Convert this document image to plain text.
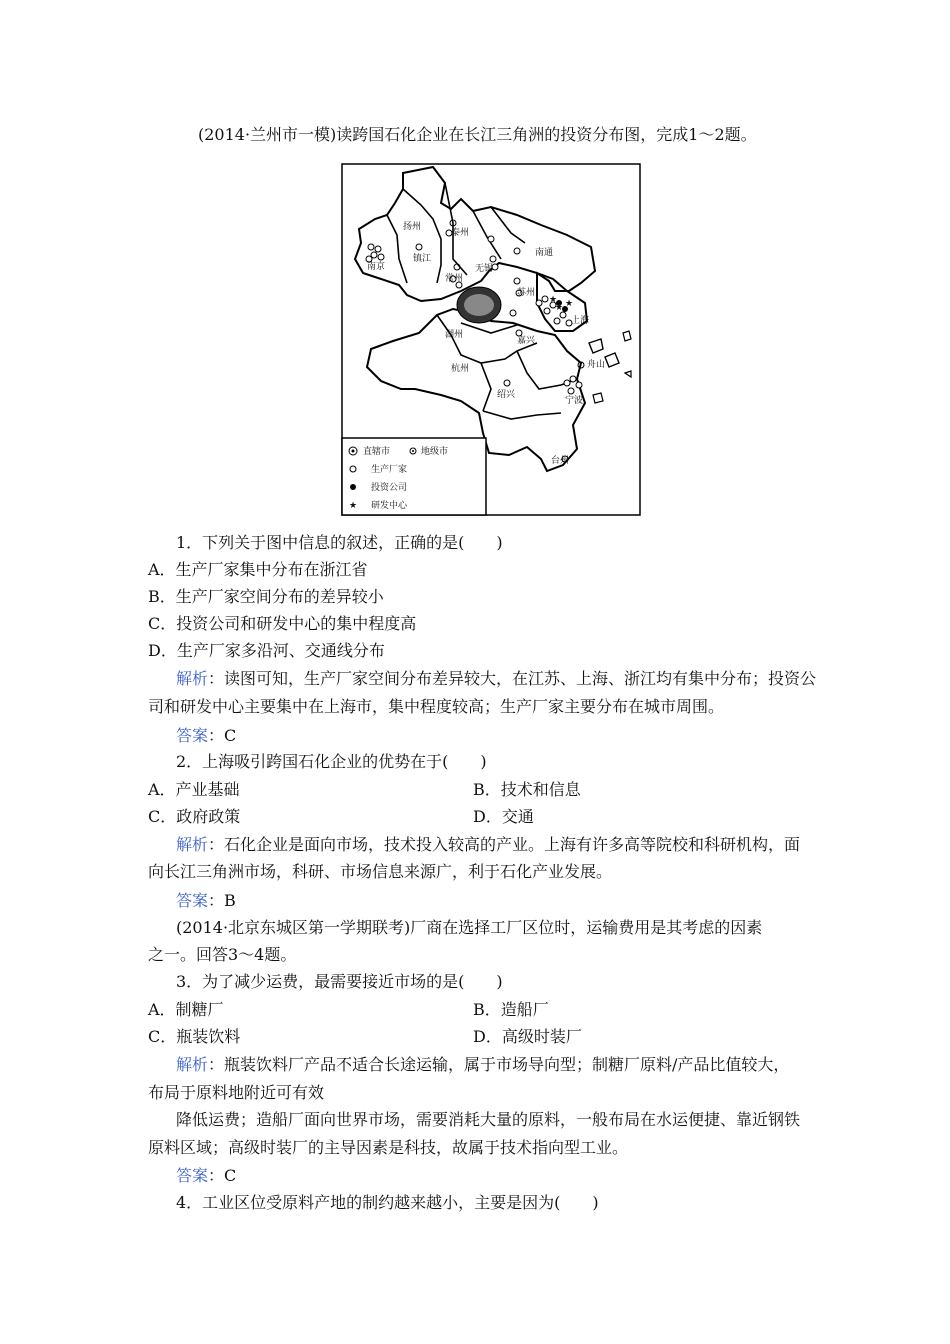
(2014·兰州市一模)读跨国石化企业在长江三角洲的投资分布图，完成1～2题。
★
★ ★
扬州
泰州
南通
南京
镇江
常州
无锡
苏州
上海
湖州
嘉兴
杭州
绍兴
舟山
宁波
台州
直辖市	地级市
生产厂家
投资公司
★ 研发中心
1．下列关于图中信息的叙述，正确的是(　　)
A．生产厂家集中分布在浙江省
B．生产厂家空间分布的差异较小
C．投资公司和研发中心的集中程度高
D．生产厂家多沿河、交通线分布
解析：读图可知，生产厂家空间分布差异较大，在江苏、上海、浙江均有集中分布；投资公
司和研发中心主要集中在上海市，集中程度较高；生产厂家主要分布在城市周围。
答案：C
2．上海吸引跨国石化企业的优势在于(　　)
A．产业基础	B．技术和信息
C．政府政策	D．交通
解析：石化企业是面向市场，技术投入较高的产业。上海有许多高等院校和科研机构，面
向长江三角洲市场，科研、市场信息来源广，利于石化产业发展。
答案：B
(2014·北京东城区第一学期联考)厂商在选择工厂区位时，运输费用是其考虑的因素
之一。回答3～4题。
3．为了减少运费，最需要接近市场的是(　　)
A．制糖厂	B．造船厂
C．瓶装饮料	D．高级时装厂
解析：瓶装饮料厂产品不适合长途运输，属于市场导向型；制糖厂原料/产品比值较大，
布局于原料地附近可有效
降低运费；造船厂面向世界市场，需要消耗大量的原料，一般布局在水运便捷、靠近钢铁
原料区域；高级时装厂的主导因素是科技，故属于技术指向型工业。
答案：C
4．工业区位受原料产地的制约越来越小，主要是因为(　　)
